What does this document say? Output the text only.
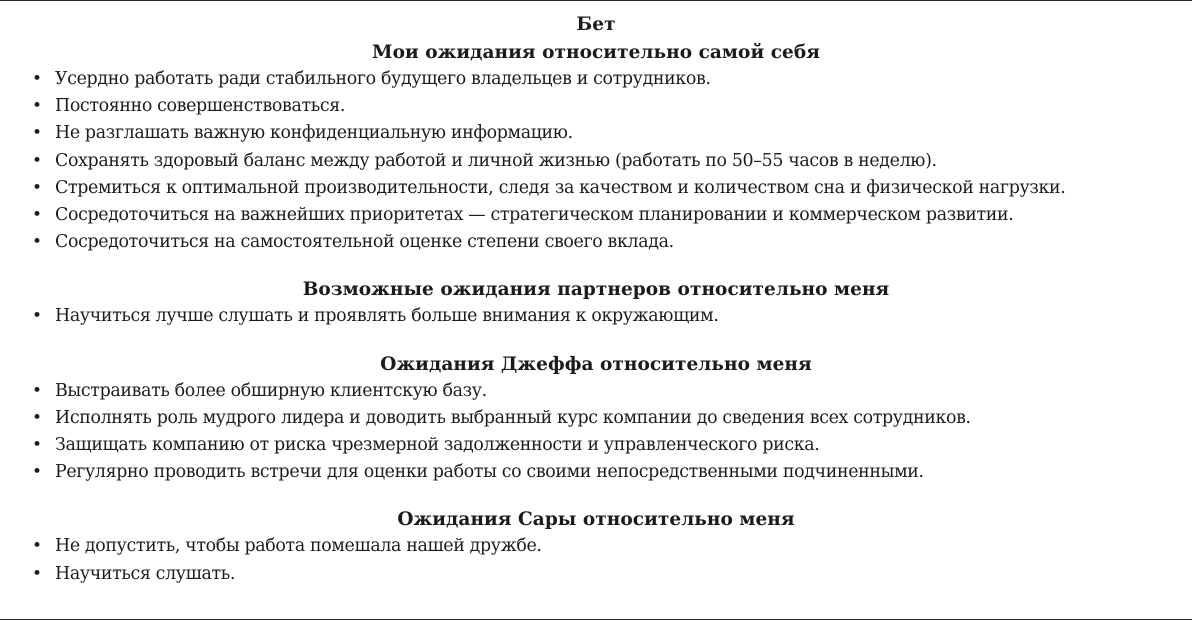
Бет
Мои ожидания относительно самой себя
• Усердно работать ради стабильного будущего владельцев и сотрудников.
• Постоянно совершенствоваться.
• Не разглашать важную конфиденциальную информацию.
• Сохранять здоровый баланс между работой и личной жизнью (работать по 50–55 часов в неделю).
• Стремиться к оптимальной производительности, следя за качеством и количеством сна и физической нагрузки.
• Сосредоточиться на важнейших приоритетах — стратегическом планировании и коммерческом развитии.
• Сосредоточиться на самостоятельной оценке степени своего вклада.
Возможные ожидания партнеров относительно меня
• Научиться лучше слушать и проявлять больше внимания к окружающим.
Ожидания Джеффа относительно меня
• Выстраивать более обширную клиентскую базу.
• Исполнять роль мудрого лидера и доводить выбранный курс компании до сведения всех сотрудников.
• Защищать компанию от риска чрезмерной задолженности и управленческого риска.
• Регулярно проводить встречи для оценки работы со своими непосредственными подчиненными.
Ожидания Сары относительно меня
• Не допустить, чтобы работа помешала нашей дружбе.
• Научиться слушать.
